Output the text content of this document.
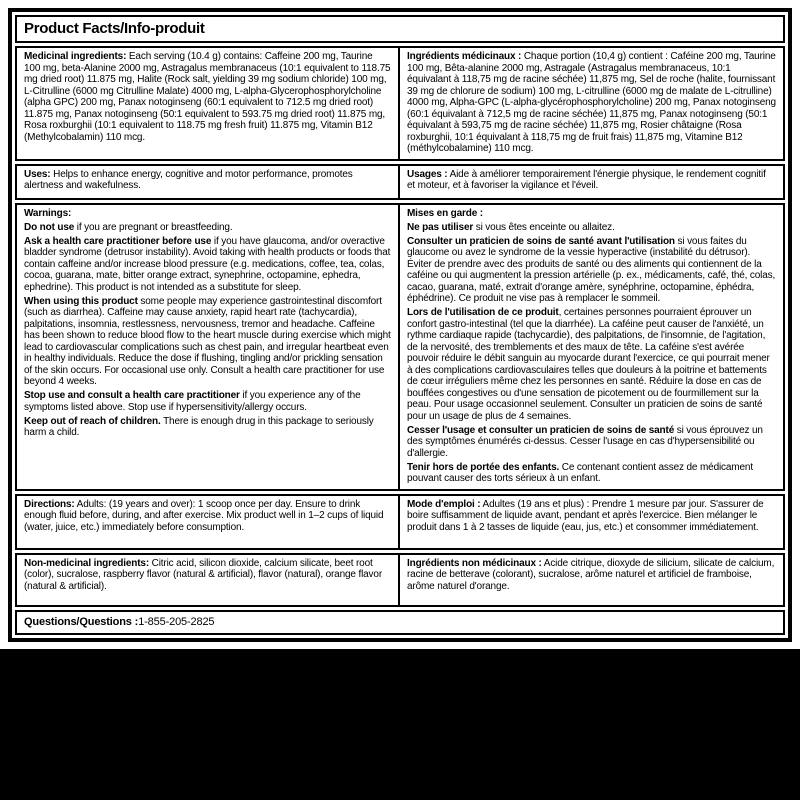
Product Facts/Info-produit

Medicinal ingredients: Each serving (10.4 g) contains: Caffeine 200 mg, Taurine 100 mg, beta-Alanine 2000 mg, Astragalus membranaceus (10:1 equivalent to 118.75 mg dried root) 11.875 mg, Halite (Rock salt, yielding 39 mg sodium chloride) 100 mg, L-Citrulline (6000 mg Citrulline Malate) 4000 mg, L-alpha-Glycerophosphorylcholine (alpha GPC) 200 mg, Panax notoginseng (60:1 equivalent to 712.5 mg dried root) 11.875 mg, Panax notoginseng (50:1 equivalent to 593.75 mg dried root) 11.875 mg, Rosa roxburghii (10:1 equivalent to 118.75 mg fresh fruit) 11.875 mg, Vitamin B12 (Methylcobalamin) 110 mcg.

Ingrédients médicinaux : Chaque portion (10,4 g) contient : Caféine 200 mg, Taurine 100 mg, Bêta-alanine 2000 mg, Astragale (Astragalus membranaceus, 10:1 équivalant à 118,75 mg de racine séchée) 11,875 mg, Sel de roche (halite, fournissant 39 mg de chlorure de sodium) 100 mg, L-citrulline (6000 mg de malate de L-citrulline) 4000 mg, Alpha-GPC (L-alpha-glycérophosphorylcholine) 200 mg, Panax notoginseng (60:1 équivalant à 712,5 mg de racine séchée) 11,875 mg, Panax notoginseng (50:1 équivalant à 593,75 mg de racine séchée) 11,875 mg, Rosier châtaigne (Rosa roxburghii, 10:1 équivalant à 118,75 mg de fruit frais) 11,875 mg, Vitamine B12 (méthylcobalamine) 110 mcg.

Uses: Helps to enhance energy, cognitive and motor performance, promotes alertness and wakefulness.

Usages : Aide à améliorer temporairement l'énergie physique, le rendement cognitif et moteur, et à favoriser la vigilance et l'éveil.

Warnings:

Do not use if you are pregnant or breastfeeding.

Ask a health care practitioner before use if you have glaucoma, and/or overactive bladder syndrome (detrusor instability). Avoid taking with health products or foods that contain caffeine and/or increase blood pressure (e.g. medications, coffee, tea, colas, cocoa, guarana, mate, bitter orange extract, synephrine, octopamine, ephedra, ephedrine). This product is not intended as a substitute for sleep.

When using this product some people may experience gastrointestinal discomfort (such as diarrhea). Caffeine may cause anxiety, rapid heart rate (tachycardia), palpitations, insomnia, restlessness, nervousness, tremor and headache. Caffeine has been shown to reduce blood flow to the heart muscle during exercise which might lead to cardiovascular complications such as chest pain, and irregular heartbeat even in healthy individuals. Reduce the dose if flushing, tingling and/or prickling sensation of the skin occurs. For occasional use only. Consult a health care practitioner for use beyond 4 weeks.

Stop use and consult a health care practitioner if you experience any of the symptoms listed above. Stop use if hypersensitivity/allergy occurs.

Keep out of reach of children. There is enough drug in this package to seriously harm a child.

Mises en garde :

Ne pas utiliser si vous êtes enceinte ou allaitez.

Consulter un praticien de soins de santé avant l'utilisation si vous faites du glaucome ou avez le syndrome de la vessie hyperactive (instabilité du détrusor). Éviter de prendre avec des produits de santé ou des aliments qui contiennent de la caféine ou qui augmentent la pression artérielle (p. ex., médicaments, café, thé, colas, cacao, guarana, maté, extrait d'orange amère, synéphrine, octopamine, éphédra, éphédrine). Ce produit ne vise pas à remplacer le sommeil.

Lors de l'utilisation de ce produit, certaines personnes pourraient éprouver un confort gastro-intestinal (tel que la diarrhée). La caféine peut causer de l'anxiété, un rythme cardiaque rapide (tachycardie), des palpitations, de l'insomnie, de l'agitation, de la nervosité, des tremblements et des maux de tête. La caféine s'est avérée pouvoir réduire le débit sanguin au myocarde durant l'exercice, ce qui pourrait mener à des complications cardiovasculaires telles que douleurs à la poitrine et battements de cœur irréguliers même chez les personnes en santé. Réduire la dose en cas de bouffées congestives ou d'une sensation de picotement ou de fourmillement sur la peau. Pour usage occasionnel seulement. Consulter un praticien de soins de santé pour un usage de plus de 4 semaines.

Cesser l'usage et consulter un praticien de soins de santé si vous éprouvez un des symptômes énumérés ci-dessus. Cesser l'usage en cas d'hypersensibilité ou d'allergie.

Tenir hors de portée des enfants. Ce contenant contient assez de médicament pouvant causer des torts sérieux à un enfant.

Directions: Adults: (19 years and over): 1 scoop once per day. Ensure to drink enough fluid before, during, and after exercise. Mix product well in 1–2 cups of liquid (water, juice, etc.) immediately before consumption.

Mode d'emploi : Adultes (19 ans et plus) : Prendre 1 mesure par jour. S'assurer de boire suffisamment de liquide avant, pendant et après l'exercice. Bien mélanger le produit dans 1 à 2 tasses de liquide (eau, jus, etc.) et consommer immédiatement.

Non-medicinal ingredients: Citric acid, silicon dioxide, calcium silicate, beet root (color), sucralose, raspberry flavor (natural & artificial), flavor (natural), orange flavor (natural & artificial).

Ingrédients non médicinaux : Acide citrique, dioxyde de silicium, silicate de calcium, racine de betterave (colorant), sucralose, arôme naturel et artificiel de framboise, arôme naturel d'orange.

Questions/Questions : 1-855-205-2825
